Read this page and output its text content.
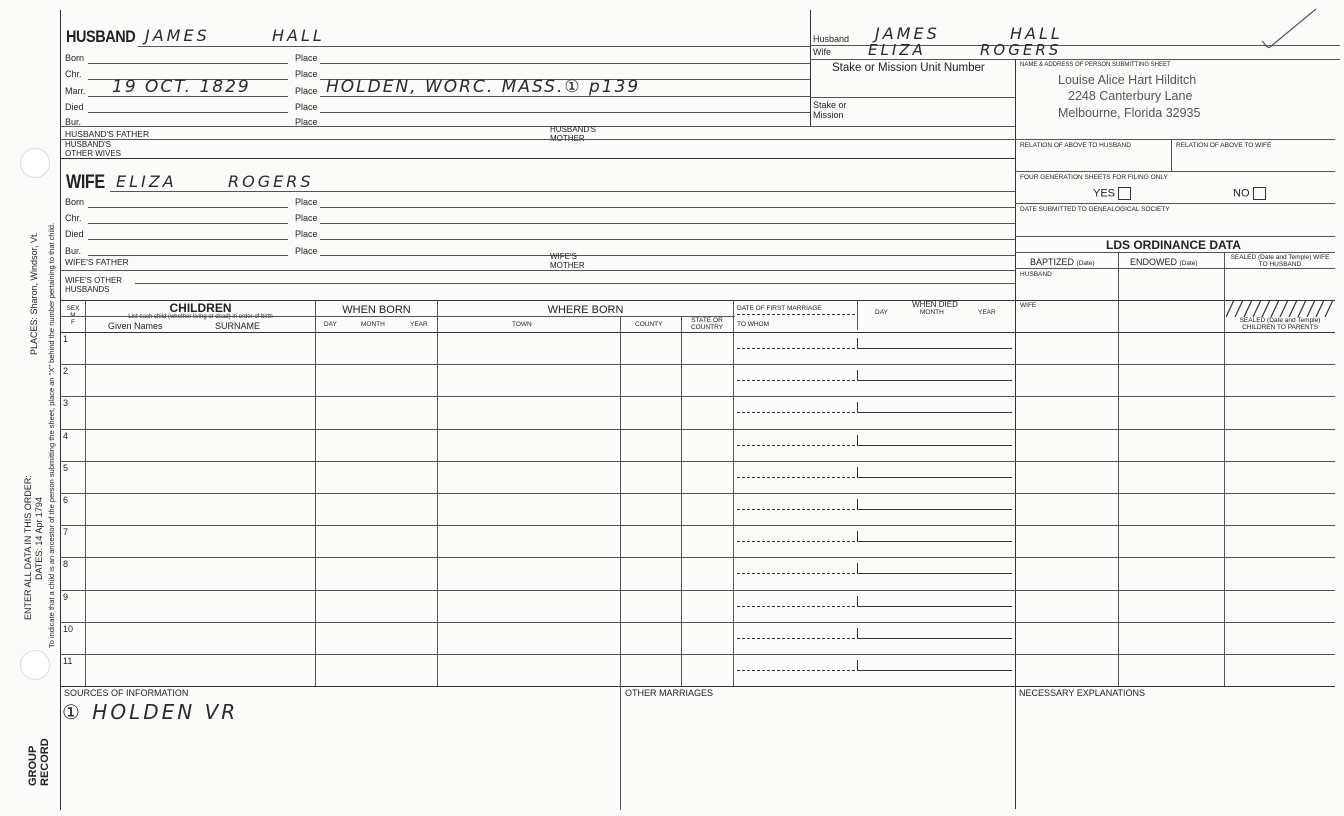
PLACES: Sharon, Windsor, Vt. To indicate that a child is an ancestor of the person submitting the sheet, place an "X" behind the number pertaining to that child.
ENTER ALL DATA IN THIS ORDER: DATES: 14 Apr 1794
GROUP RECORD
HUSBAND JAMES	HALL
Born	Place
Chr.	Place
Marr. 19 OCT. 1829	Place HOLDEN, WORC. MASS.① p139
Died	Place
Bur.	Place
HUSBAND'S FATHER	HUSBAND'S MOTHER
HUSBAND'S OTHER WIVES
Husband JAMES	HALL
Wife ELIZA	ROGERS
Stake or Mission Unit Number
Stake or
Mission
NAME & ADDRESS OF PERSON SUBMITTING SHEET
Louise Alice Hart Hilditch
2248 Canterbury Lane
Melbourne, Florida 32935
RELATION OF ABOVE TO HUSBAND	RELATION OF ABOVE TO WIFE
FOUR GENERATION SHEETS FOR FILING ONLY
YES	NO
DATE SUBMITTED TO GENEALOGICAL SOCIETY
WIFE ELIZA	ROGERS
Born	Place
Chr.	Place
Died	Place
Bur.	Place
WIFE'S FATHER
WIFE'S MOTHER
WIFE'S OTHER HUSBANDS
LDS ORDINANCE DATA
BAPTIZED (Date)	ENDOWED (Date)
SEALED (Date and Temple) WIFE TO HUSBAND
HUSBAND
WIFE
SEALED (Date and Temple) CHILDREN TO PARENTS
SEX
M
F
CHILDREN
List each child (whether living or dead) in order of birth
Given Names	SURNAME
WHEN BORN
DAY	MONTH	YEAR
WHERE BORN
TOWN	COUNTY
STATE OR COUNTRY
DATE OF FIRST MARRIAGE
TO WHOM
WHEN DIED
DAY	MONTH	YEAR
1
2
3
4
5
6
7
8
9
10
11
SOURCES OF INFORMATION
① HOLDEN VR
OTHER MARRIAGES	NECESSARY EXPLANATIONS
